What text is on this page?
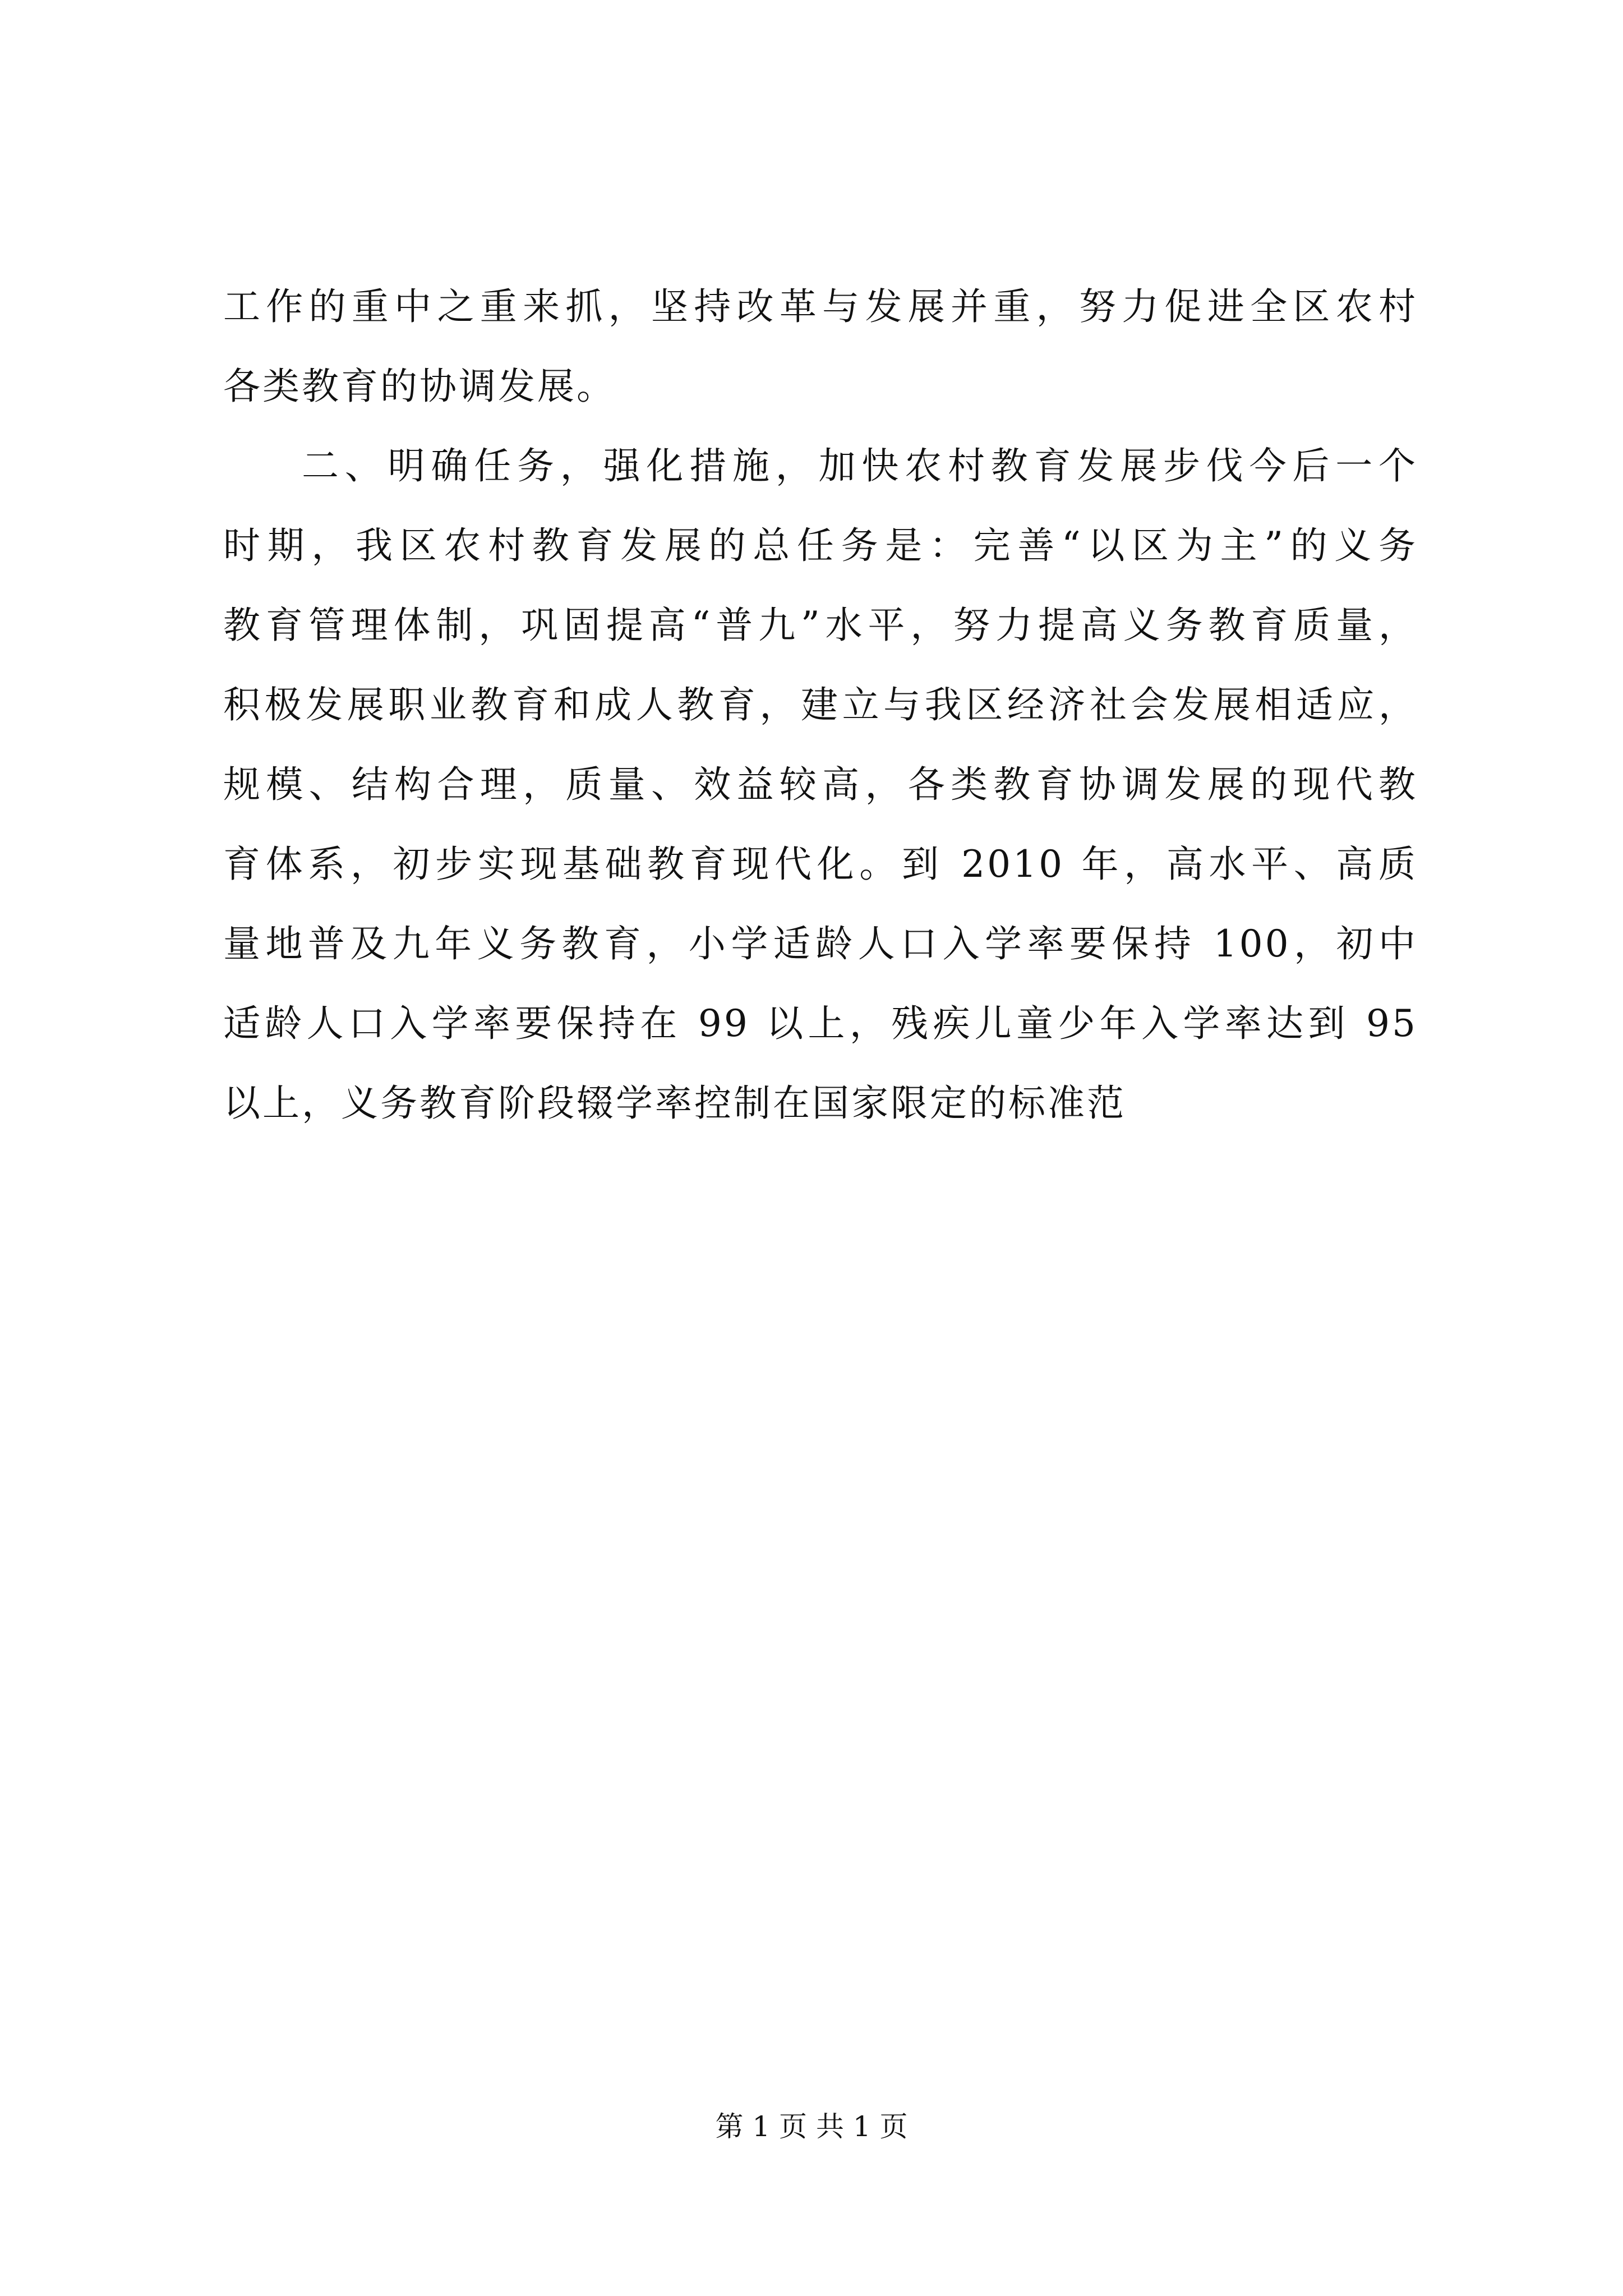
工作的重中之重来抓，坚持改革与发展并重，努力促进全区农村
各类教育的协调发展。
二、明确任务，强化措施，加快农村教育发展步伐今后一个
时期，我区农村教育发展的总任务是：完善“以区为主”的义务
教育管理体制，巩固提高“普九”水平，努力提高义务教育质量，
积极发展职业教育和成人教育，建立与我区经济社会发展相适应，
规模、结构合理，质量、效益较高，各类教育协调发展的现代教
育体系，初步实现基础教育现代化。到 2010 年，高水平、高质
量地普及九年义务教育，小学适龄人口入学率要保持 100，初中
适龄人口入学率要保持在 99 以上，残疾儿童少年入学率达到 95
以上，义务教育阶段辍学率控制在国家限定的标准范
第 1 页 共 1 页
